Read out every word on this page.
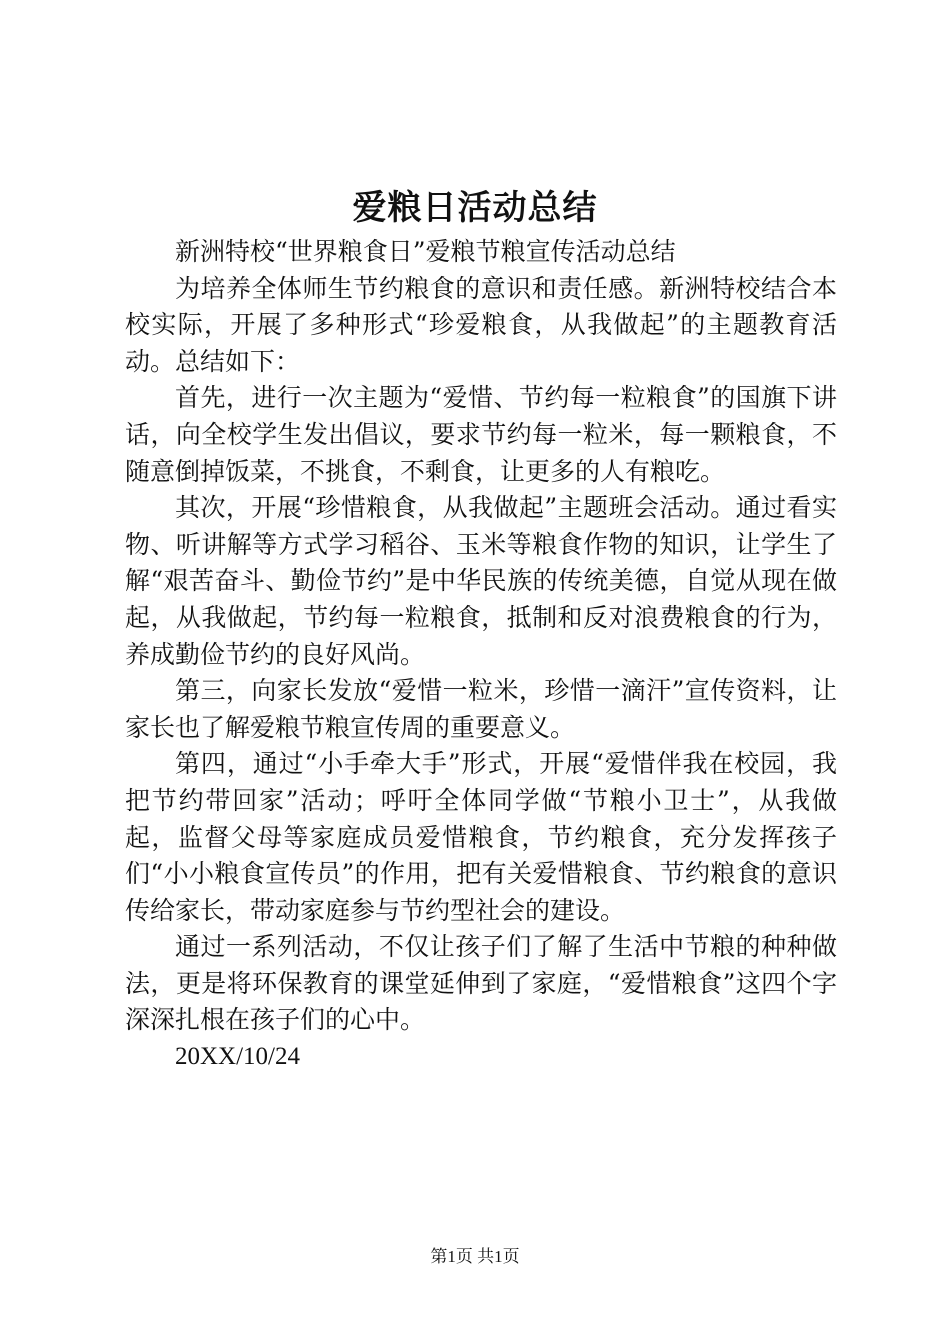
爱粮日活动总结

新洲特校“世界粮食日”爱粮节粮宣传活动总结

为培养全体师生节约粮食的意识和责任感。新洲特校结合本校实际，开展了多种形式“珍爱粮食，从我做起”的主题教育活动。总结如下：

首先，进行一次主题为“爱惜、节约每一粒粮食”的国旗下讲话，向全校学生发出倡议，要求节约每一粒米，每一颗粮食，不随意倒掉饭菜，不挑食，不剩食，让更多的人有粮吃。

其次，开展“珍惜粮食，从我做起”主题班会活动。通过看实物、听讲解等方式学习稻谷、玉米等粮食作物的知识，让学生了解“艰苦奋斗、勤俭节约”是中华民族的传统美德，自觉从现在做起，从我做起，节约每一粒粮食，抵制和反对浪费粮食的行为，养成勤俭节约的良好风尚。

第三，向家长发放“爱惜一粒米，珍惜一滴汗”宣传资料，让家长也了解爱粮节粮宣传周的重要意义。

第四，通过“小手牵大手”形式，开展“爱惜伴我在校园，我把节约带回家”活动；呼吁全体同学做“节粮小卫士”，从我做起，监督父母等家庭成员爱惜粮食，节约粮食，充分发挥孩子们“小小粮食宣传员”的作用，把有关爱惜粮食、节约粮食的意识传给家长，带动家庭参与节约型社会的建设。

通过一系列活动，不仅让孩子们了解了生活中节粮的种种做法，更是将环保教育的课堂延伸到了家庭，“爱惜粮食”这四个字深深扎根在孩子们的心中。

20XX/10/24

第1页 共1页
